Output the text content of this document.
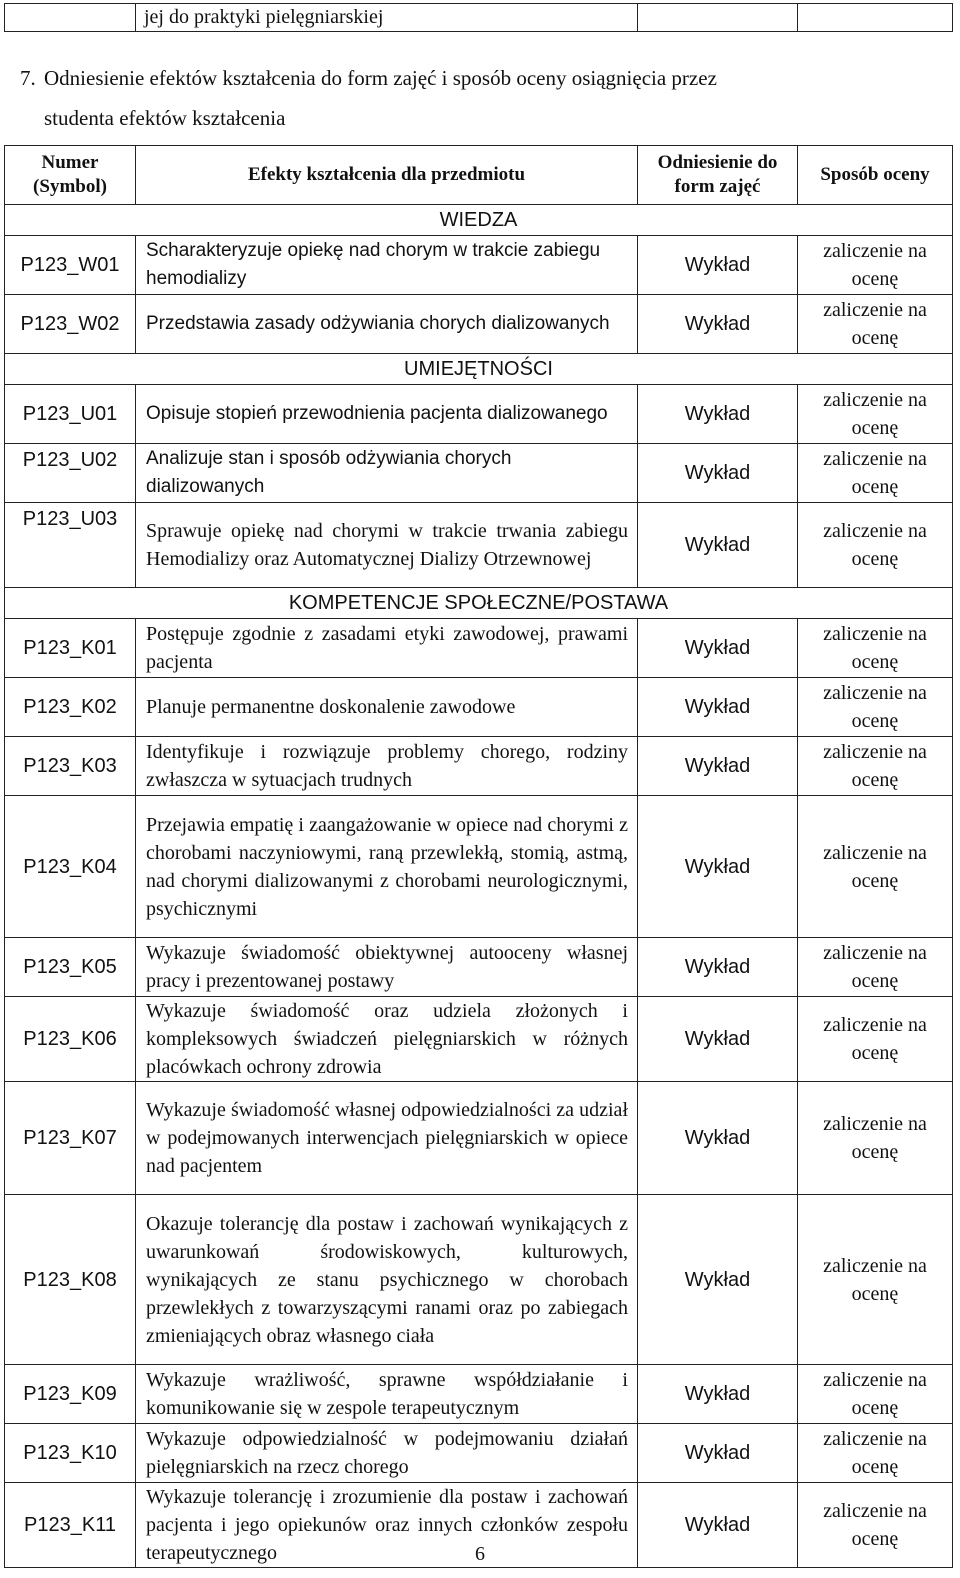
	jej do praktyki pielęgniarskiej		
7. Odniesienie efektów kształcenia do form zajęć i sposób oceny osiągnięcia przez
studenta efektów kształcenia
Numer (Symbol)	Efekty kształcenia dla przedmiotu	Odniesienie do form zajęć	Sposób oceny
WIEDZA			
P123_W01	Scharakteryzuje opiekę nad chorym w trakcie zabiegu hemodializy	Wykład	zaliczenie na ocenę
P123_W02	Przedstawia zasady odżywiania chorych dializowanych	Wykład	zaliczenie na ocenę
UMIEJĘTNOŚCI			
P123_U01	Opisuje stopień przewodnienia pacjenta dializowanego	Wykład	zaliczenie na ocenę
P123_U02	Analizuje stan i sposób odżywiania chorych dializowanych	Wykład	zaliczenie na ocenę
P123_U03	Sprawuje opiekę nad chorymi w trakcie trwania zabiegu Hemodializy oraz Automatycznej Dializy Otrzewnowej	Wykład	zaliczenie na ocenę
KOMPETENCJE SPOŁECZNE/POSTAWA			
P123_K01	Postępuje zgodnie z zasadami etyki zawodowej, prawami pacjenta	Wykład	zaliczenie na ocenę
P123_K02	Planuje permanentne doskonalenie zawodowe	Wykład	zaliczenie na ocenę
P123_K03	Identyfikuje i rozwiązuje problemy chorego, rodziny zwłaszcza w sytuacjach trudnych	Wykład	zaliczenie na ocenę
P123_K04	Przejawia empatię i zaangażowanie w opiece nad chorymi z chorobami naczyniowymi, raną przewlekłą, stomią, astmą, nad chorymi dializowanymi z chorobami neurologicznymi, psychicznymi	Wykład	zaliczenie na ocenę
P123_K05	Wykazuje świadomość obiektywnej autooceny własnej pracy i prezentowanej postawy	Wykład	zaliczenie na ocenę
P123_K06	Wykazuje świadomość oraz udziela złożonych i kompleksowych świadczeń pielęgniarskich w różnych placówkach ochrony zdrowia	Wykład	zaliczenie na ocenę
P123_K07	Wykazuje świadomość własnej odpowiedzialności za udział w podejmowanych interwencjach pielęgniarskich w opiece nad pacjentem	Wykład	zaliczenie na ocenę
P123_K08	Okazuje tolerancję dla postaw i zachowań wynikających z uwarunkowań środowiskowych, kulturowych, wynikających ze stanu psychicznego w chorobach przewlekłych z towarzyszącymi ranami oraz po zabiegach zmieniających obraz własnego ciała	Wykład	zaliczenie na ocenę
P123_K09	Wykazuje wrażliwość, sprawne współdziałanie i komunikowanie się w zespole terapeutycznym	Wykład	zaliczenie na ocenę
P123_K10	Wykazuje odpowiedzialność w podejmowaniu działań pielęgniarskich na rzecz chorego	Wykład	zaliczenie na ocenę
P123_K11	Wykazuje tolerancję i zrozumienie dla postaw i zachowań pacjenta i jego opiekunów oraz innych członków zespołu terapeutycznego	Wykład	zaliczenie na ocenę
6
